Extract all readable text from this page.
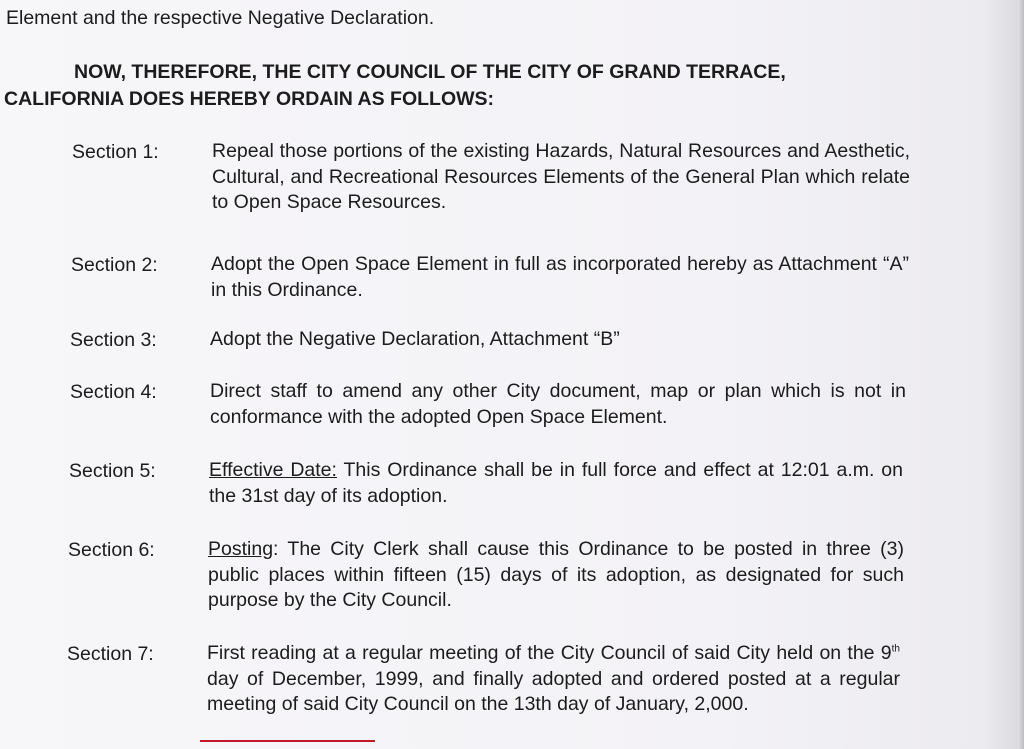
Element and the respective Negative Declaration.
NOW, THEREFORE, THE CITY COUNCIL OF THE CITY OF GRAND TERRACE,
CALIFORNIA DOES HEREBY ORDAIN AS FOLLOWS:
Section 1:	Repeal those portions of the existing Hazards, Natural Resources and Aesthetic, Cultural, and Recreational Resources Elements of the General Plan which relate to Open Space Resources.
Section 2:	Adopt the Open Space Element in full as incorporated hereby as Attachment “A” in this Ordinance.
Section 3:	Adopt the Negative Declaration, Attachment “B”
Section 4:	Direct staff to amend any other City document, map or plan which is not in conformance with the adopted Open Space Element.
Section 5:	Effective Date: This Ordinance shall be in full force and effect at 12:01 a.m. on the 31st day of its adoption.
Section 6:	Posting: The City Clerk shall cause this Ordinance to be posted in three (3) public places within fifteen (15) days of its adoption, as designated for such purpose by the City Council.
Section 7:	First reading at a regular meeting of the City Council of said City held on the 9th day of December, 1999, and finally adopted and ordered posted at a regular meeting of said City Council on the 13th day of January, 2,000.
